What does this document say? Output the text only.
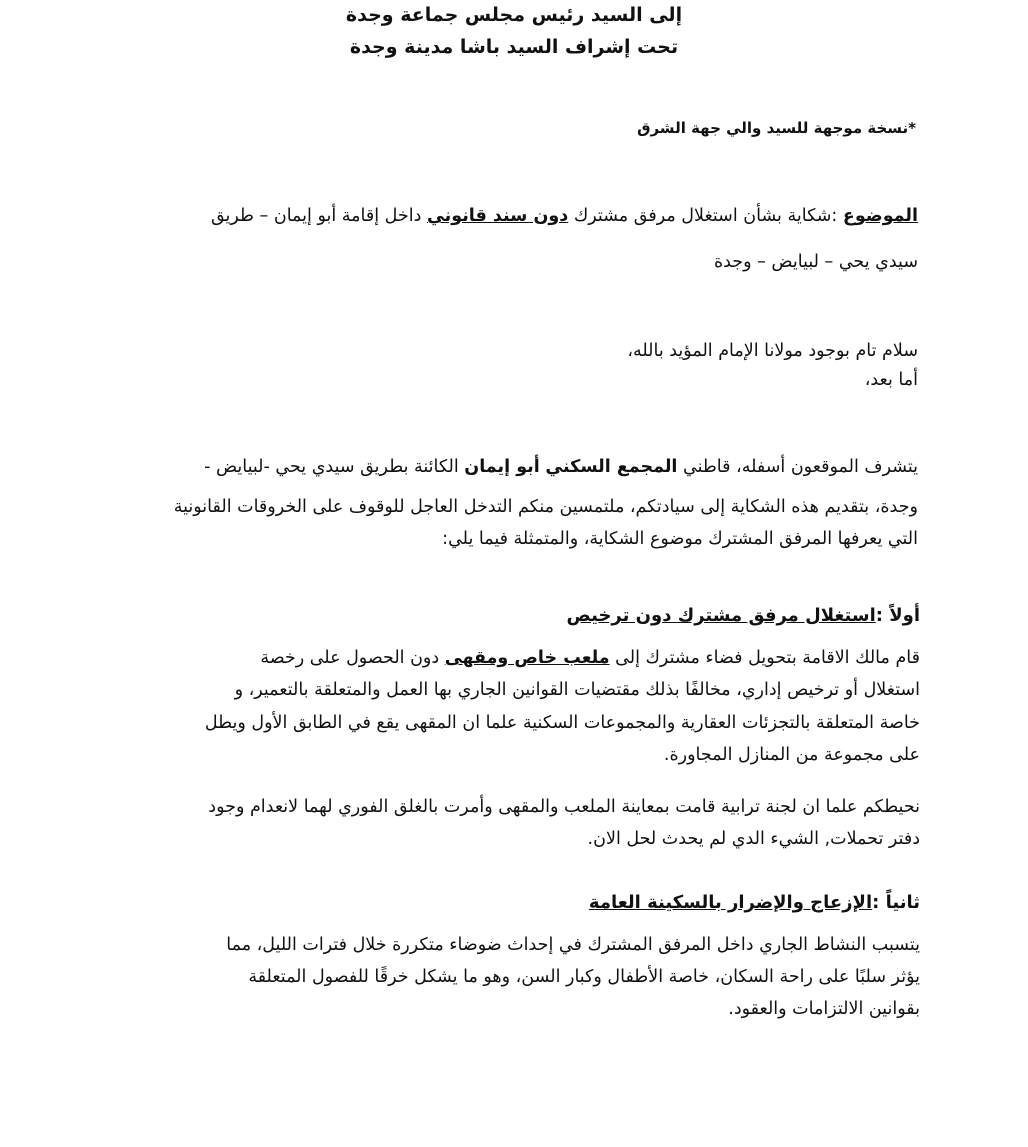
إلى السيد رئيس مجلس جماعة وجدة
تحت إشراف السيد باشا مدينة وجدة
*نسخة موجهة للسيد والي جهة الشرق
الموضوع :شكاية بشأن استغلال مرفق مشترك دون سند قانوني داخل إقامة أبو إيمان – طريق
سيدي يحي – لبيايض – وجدة
سلام تام بوجود مولانا الإمام المؤيد بالله،
أما بعد،
يتشرف الموقعون أسفله، قاطني المجمع السكني أبو إيمان الكائنة بطريق سيدي يحي -لبيايض -
وجدة، بتقديم هذه الشكاية إلى سيادتكم، ملتمسين منكم التدخل العاجل للوقوف على الخروقات القانونية
التي يعرفها المرفق المشترك موضوع الشكاية، والمتمثلة فيما يلي:
أولاً :استغلال مرفق مشترك دون ترخيص
قام مالك الاقامة بتحويل فضاء مشترك إلى ملعب خاص ومقهى دون الحصول على رخصة
استغلال أو ترخيص إداري، مخالفًا بذلك مقتضيات القوانين الجاري بها العمل والمتعلقة بالتعمير، و
خاصة المتعلقة بالتجزئات العقارية والمجموعات السكنية علما ان المقهى يقع في الطابق الأول ويطل
على مجموعة من المنازل المجاورة.
نحيطكم علما ان لجنة ترابية قامت بمعاينة الملعب والمقهى وأمرت بالغلق الفوري لهما لانعدام وجود
دفتر تحملات, الشيء الدي لم يحدث لحل الان.
ثانياً :الإزعاج والإضرار بالسكينة العامة
يتسبب النشاط الجاري داخل المرفق المشترك في إحداث ضوضاء متكررة خلال فترات الليل، مما
يؤثر سلبًا على راحة السكان، خاصة الأطفال وكبار السن، وهو ما يشكل خرقًا للفصول المتعلقة
بقوانين الالتزامات والعقود.
